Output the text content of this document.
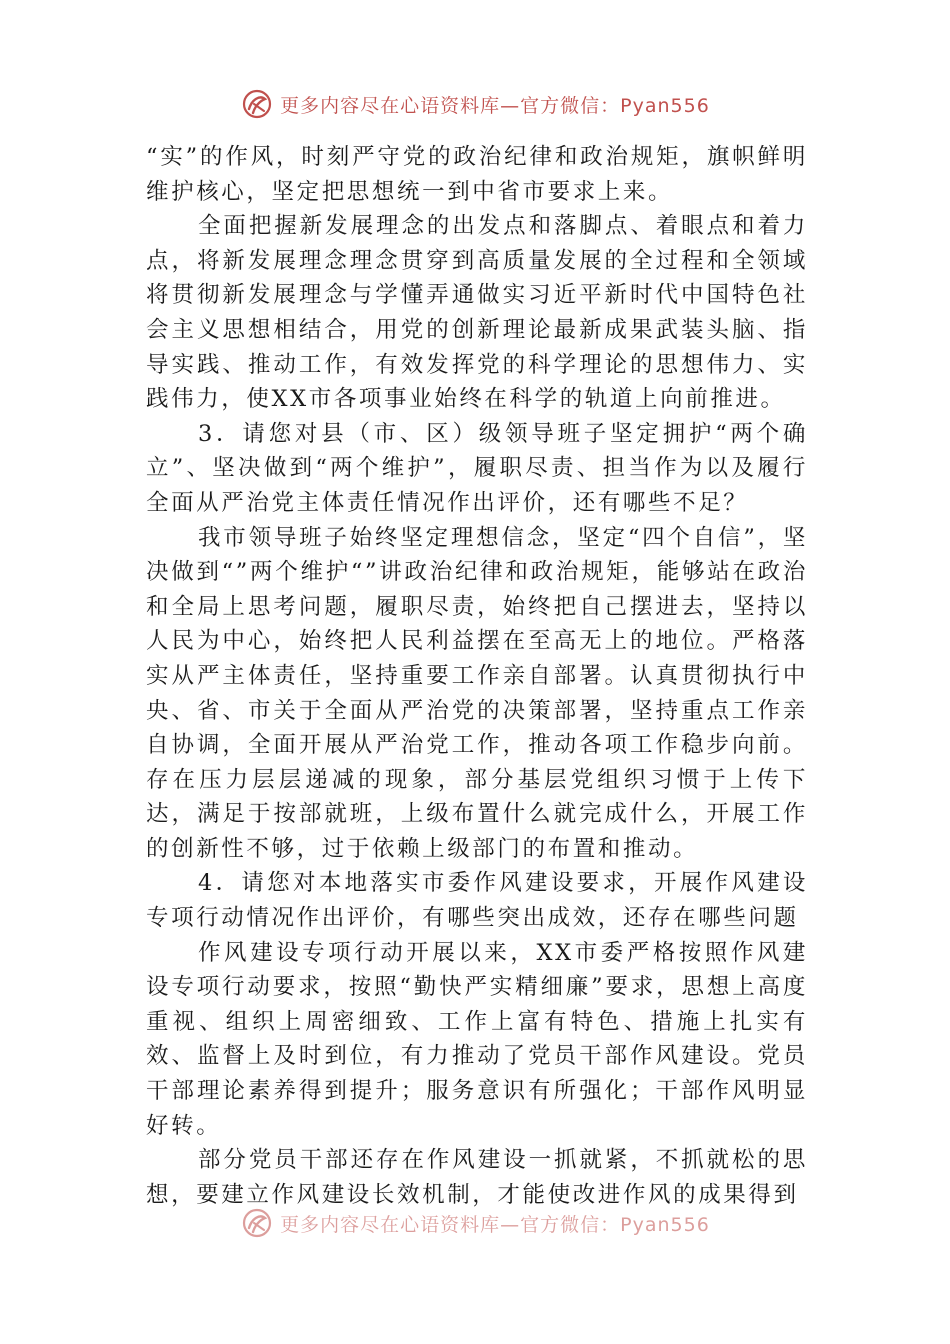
更多内容尽在心语资料库—官方微信：Pyan556

“实”的作风，时刻严守党的政治纪律和政治规矩，旗帜鲜明维护核心，坚定把思想统一到中省市要求上来。

全面把握新发展理念的出发点和落脚点、着眼点和着力点，将新发展理念理念贯穿到高质量发展的全过程和全领域将贯彻新发展理念与学懂弄通做实习近平新时代中国特色社会主义思想相结合，用党的创新理论最新成果武装头脑、指导实践、推动工作，有效发挥党的科学理论的思想伟力、实践伟力，使XX市各项事业始终在科学的轨道上向前推进。

3．请您对县（市、区）级领导班子坚定拥护“两个确立”、坚决做到“两个维护”，履职尽责、担当作为以及履行全面从严治党主体责任情况作出评价，还有哪些不足？

我市领导班子始终坚定理想信念，坚定“四个自信”，坚决做到“”两个维护“”讲政治纪律和政治规矩，能够站在政治和全局上思考问题，履职尽责，始终把自己摆进去，坚持以人民为中心，始终把人民利益摆在至高无上的地位。严格落实从严主体责任，坚持重要工作亲自部署。认真贯彻执行中央、省、市关于全面从严治党的决策部署，坚持重点工作亲自协调，全面开展从严治党工作，推动各项工作稳步向前。存在压力层层递减的现象，部分基层党组织习惯于上传下达，满足于按部就班，上级布置什么就完成什么，开展工作的创新性不够，过于依赖上级部门的布置和推动。

4．请您对本地落实市委作风建设要求，开展作风建设专项行动情况作出评价，有哪些突出成效，还存在哪些问题

作风建设专项行动开展以来，XX市委严格按照作风建设专项行动要求，按照“勤快严实精细廉”要求，思想上高度重视、组织上周密细致、工作上富有特色、措施上扎实有效、监督上及时到位，有力推动了党员干部作风建设。党员干部理论素养得到提升；服务意识有所强化；干部作风明显好转。

部分党员干部还存在作风建设一抓就紧，不抓就松的思想，要建立作风建设长效机制，才能使改进作风的成果得到

更多内容尽在心语资料库—官方微信：Pyan556
